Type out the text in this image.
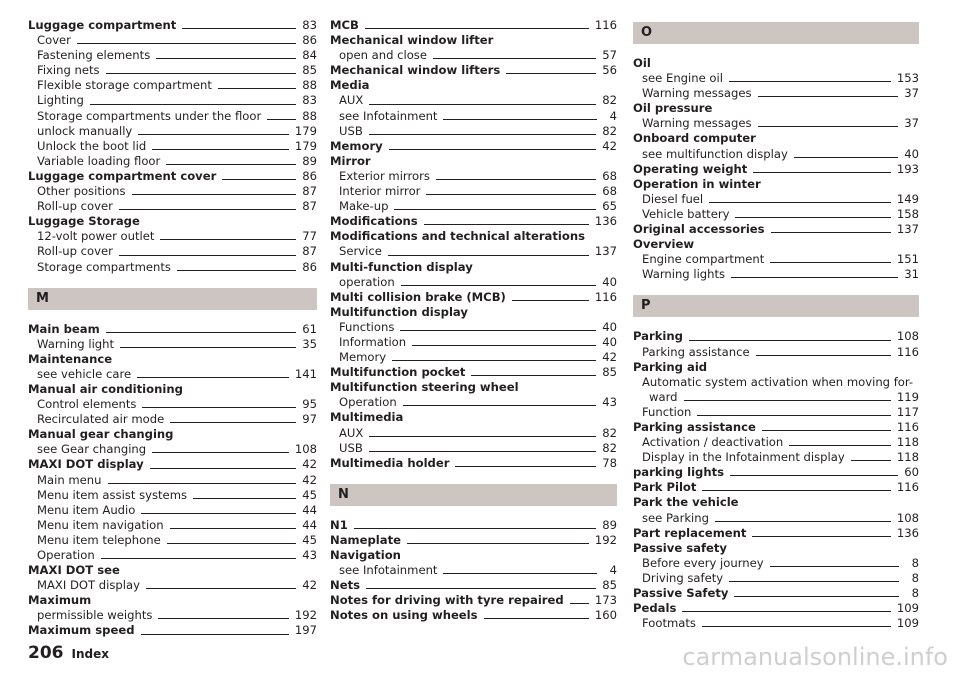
Luggage compartment	83
Cover	86
Fastening elements	84
Fixing nets	85
Flexible storage compartment	88
Lighting	83
Storage compartments under the floor	88
unlock manually	179
Unlock the boot lid	179
Variable loading floor	89
Luggage compartment cover	86
Other positions	87
Roll-up cover	87
Luggage Storage
12-volt power outlet	77
Roll-up cover	87
Storage compartments	86
M
Main beam	61
Warning light	35
Maintenance
see vehicle care	141
Manual air conditioning
Control elements	95
Recirculated air mode	97
Manual gear changing
see Gear changing	108
MAXI DOT display	42
Main menu	42
Menu item assist systems	45
Menu item Audio	44
Menu item navigation	44
Menu item telephone	45
Operation	43
MAXI DOT see
MAXI DOT display	42
Maximum
permissible weights	192
Maximum speed	197
MCB	116
Mechanical window lifter
open and close	57
Mechanical window lifters	56
Media
AUX	82
see Infotainment	4
USB	82
Memory	42
Mirror
Exterior mirrors	68
Interior mirror	68
Make-up	65
Modifications	136
Modifications and technical alterations
Service	137
Multi-function display
operation	40
Multi collision brake (MCB)	116
Multifunction display
Functions	40
Information	40
Memory	42
Multifunction pocket	85
Multifunction steering wheel
Operation	43
Multimedia
AUX	82
USB	82
Multimedia holder	78
N
N1	89
Nameplate	192
Navigation
see Infotainment	4
Nets	85
Notes for driving with tyre repaired	173
Notes on using wheels	160
O
Oil
see Engine oil	153
Warning messages	37
Oil pressure
Warning messages	37
Onboard computer
see multifunction display	40
Operating weight	193
Operation in winter
Diesel fuel	149
Vehicle battery	158
Original accessories	137
Overview
Engine compartment	151
Warning lights	31
P
Parking	108
Parking assistance	116
Parking aid
Automatic system activation when moving for-
ward	119
Function	117
Parking assistance	116
Activation / deactivation	118
Display in the Infotainment display	118
parking lights	60
Park Pilot	116
Park the vehicle
see Parking	108
Part replacement	136
Passive safety
Before every journey	8
Driving safety	8
Passive Safety	8
Pedals	109
Footmats	109
206 Index	carmanualsonline.info
